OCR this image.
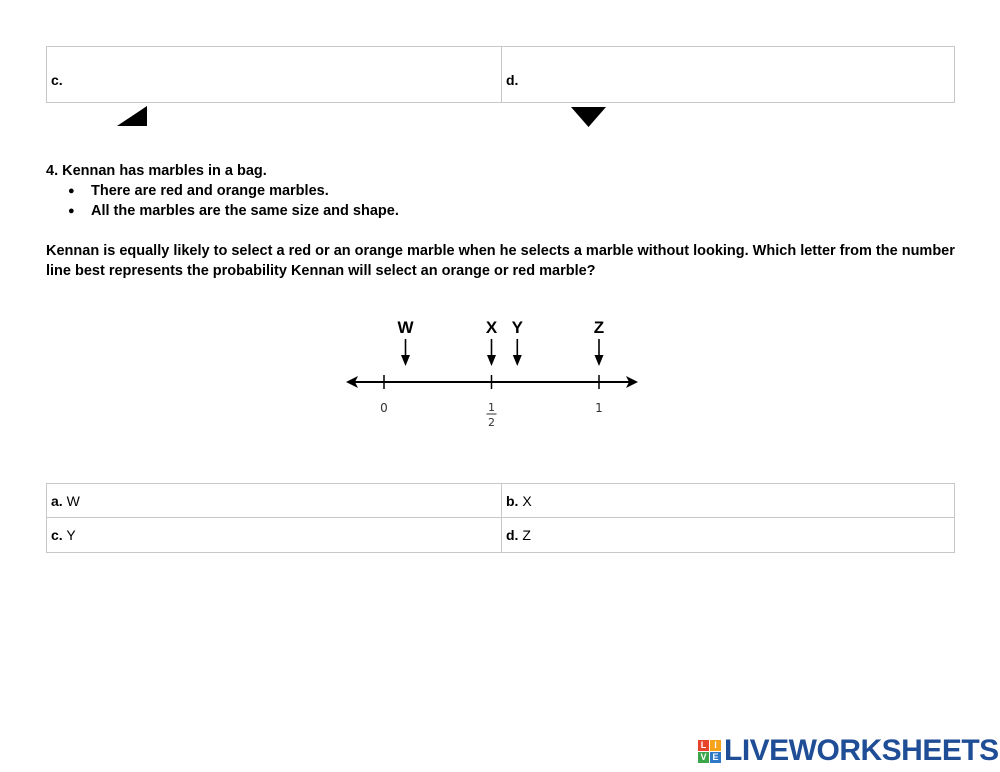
c.	d.
4. Kennan has marbles in a bag.
● There are red and orange marbles.
● All the marbles are the same size and shape.
Kennan is equally likely to select a red or an orange marble when he selects a marble without looking. Which letter from the number line best represents the probability Kennan will select an orange or red marble?
0	1
2
1
W	X Y	Z
a. W	b. X
c. Y	d. Z
L I
V E LIVEWORKSHEETS
